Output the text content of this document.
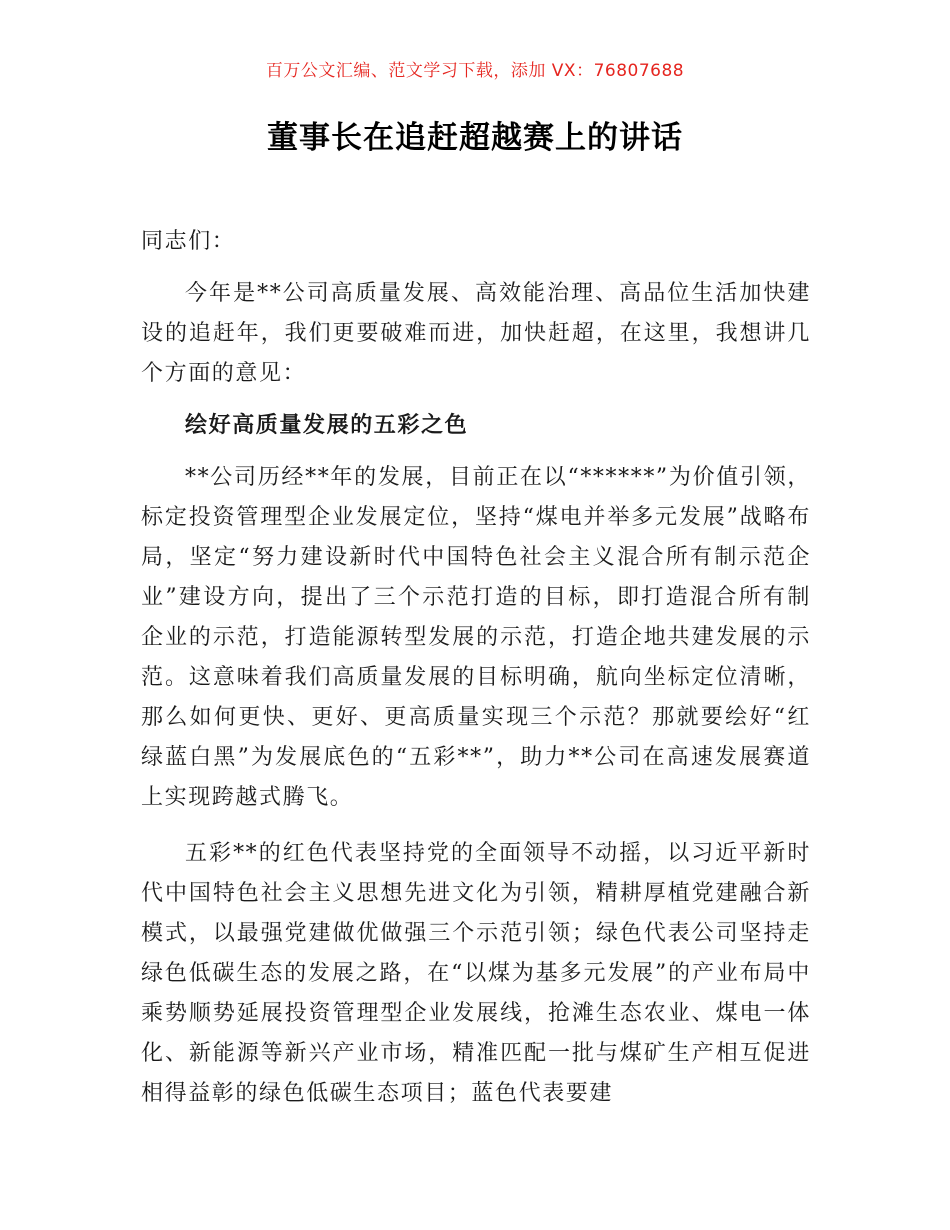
百万公文汇编、范文学习下载，添加 VX：76807688
董事长在追赶超越赛上的讲话

同志们：

今年是**公司高质量发展、高效能治理、高品位生活加快建设的追赶年，我们更要破难而进，加快赶超，在这里，我想讲几个方面的意见：

绘好高质量发展的五彩之色

**公司历经**年的发展，目前正在以“******”为价值引领，标定投资管理型企业发展定位，坚持“煤电并举多元发展”战略布局，坚定“努力建设新时代中国特色社会主义混合所有制示范企业”建设方向，提出了三个示范打造的目标，即打造混合所有制企业的示范，打造能源转型发展的示范，打造企地共建发展的示范。这意味着我们高质量发展的目标明确，航向坐标定位清晰，那么如何更快、更好、更高质量实现三个示范？那就要绘好“红绿蓝白黑”为发展底色的“五彩**”，助力**公司在高速发展赛道上实现跨越式腾飞。

五彩**的红色代表坚持党的全面领导不动摇，以习近平新时代中国特色社会主义思想先进文化为引领，精耕厚植党建融合新模式，以最强党建做优做强三个示范引领；绿色代表公司坚持走绿色低碳生态的发展之路，在“以煤为基多元发展”的产业布局中乘势顺势延展投资管理型企业发展线，抢滩生态农业、煤电一体化、新能源等新兴产业市场，精准匹配一批与煤矿生产相互促进相得益彰的绿色低碳生态项目；蓝色代表要建
